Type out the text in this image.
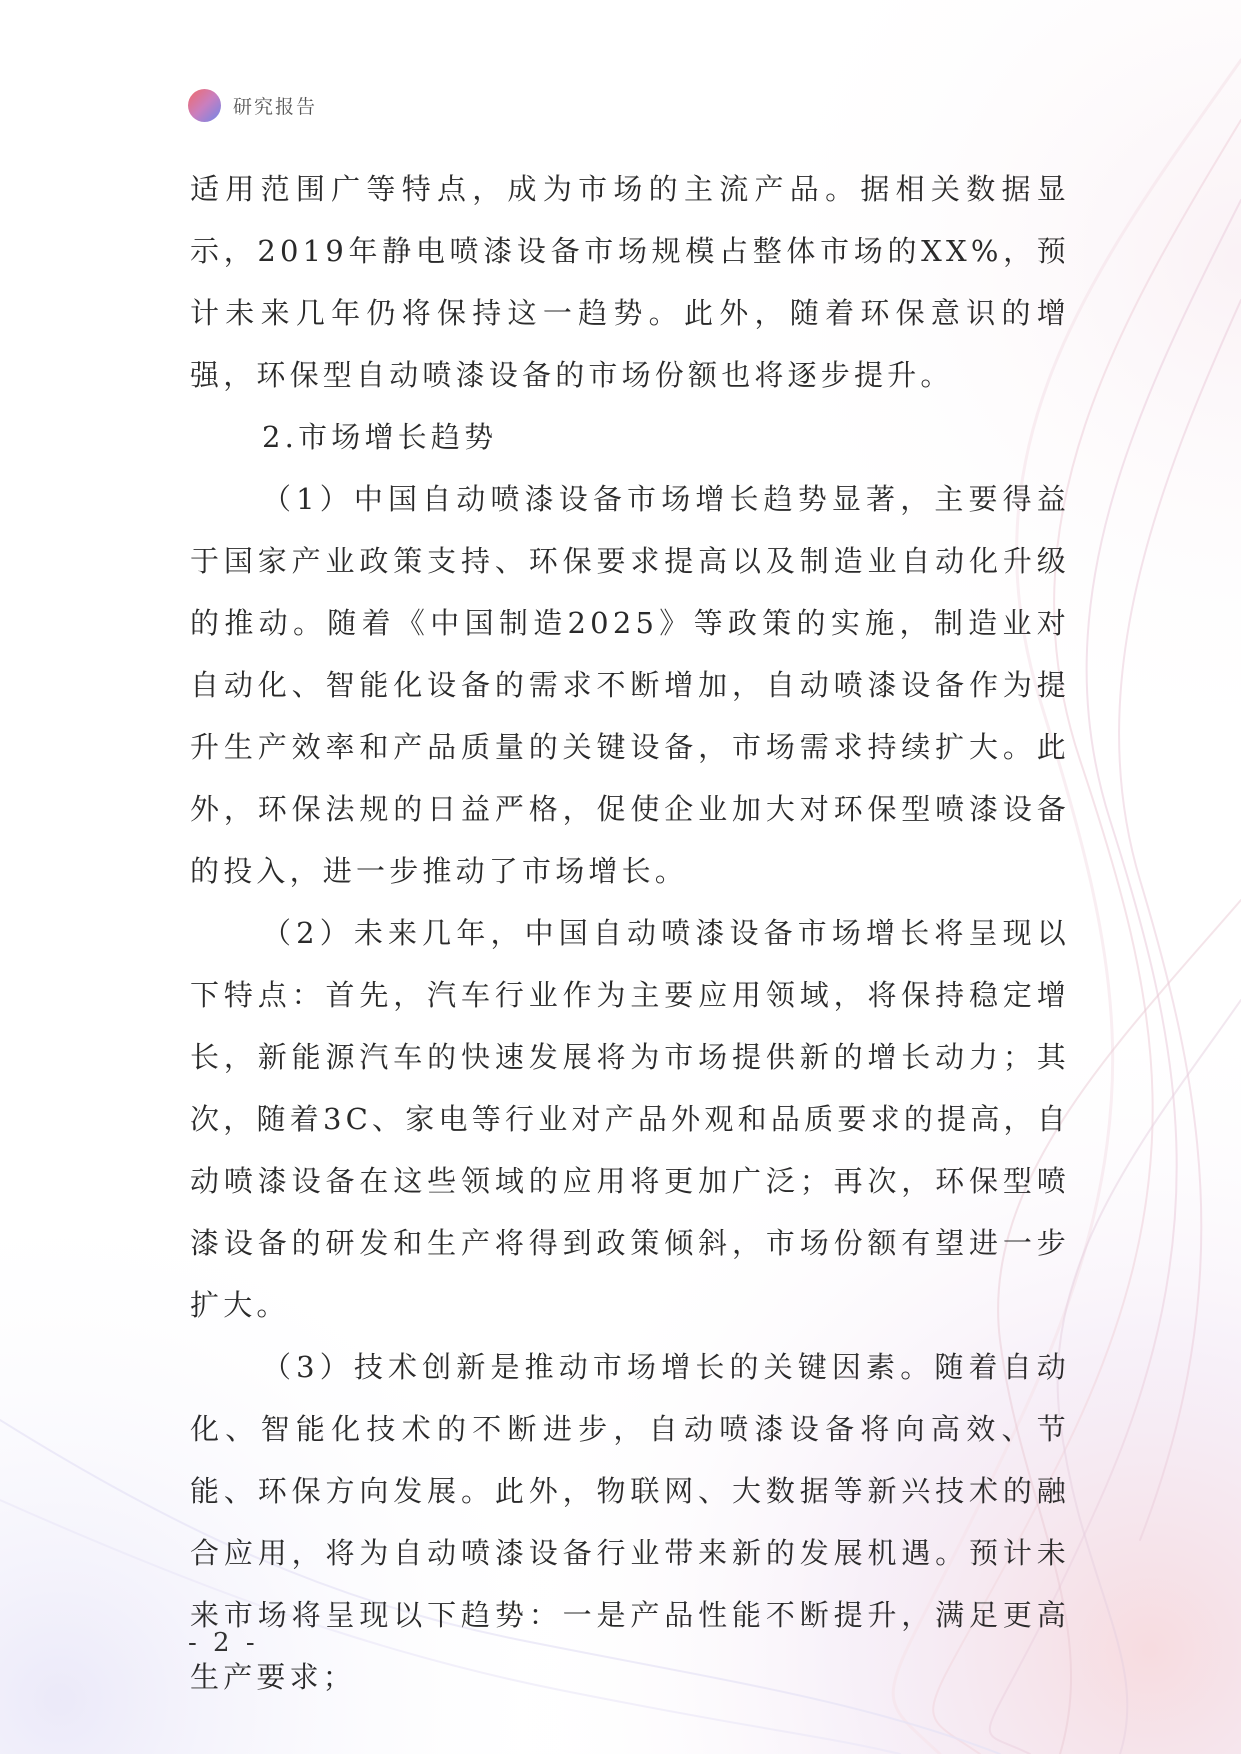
研究报告

适用范围广等特点，成为市场的主流产品。据相关数据显示，2019年静电喷漆设备市场规模占整体市场的XX%，预计未来几年仍将保持这一趋势。此外，随着环保意识的增强，环保型自动喷漆设备的市场份额也将逐步提升。

2.市场增长趋势

（1）中国自动喷漆设备市场增长趋势显著，主要得益于国家产业政策支持、环保要求提高以及制造业自动化升级的推动。随着《中国制造2025》等政策的实施，制造业对自动化、智能化设备的需求不断增加，自动喷漆设备作为提升生产效率和产品质量的关键设备，市场需求持续扩大。此外，环保法规的日益严格，促使企业加大对环保型喷漆设备的投入，进一步推动了市场增长。

（2）未来几年，中国自动喷漆设备市场增长将呈现以下特点：首先，汽车行业作为主要应用领域，将保持稳定增长，新能源汽车的快速发展将为市场提供新的增长动力；其次，随着3C、家电等行业对产品外观和品质要求的提高，自动喷漆设备在这些领域的应用将更加广泛；再次，环保型喷漆设备的研发和生产将得到政策倾斜，市场份额有望进一步扩大。

（3）技术创新是推动市场增长的关键因素。随着自动化、智能化技术的不断进步，自动喷漆设备将向高效、节能、环保方向发展。此外，物联网、大数据等新兴技术的融合应用，将为自动喷漆设备行业带来新的发展机遇。预计未来市场将呈现以下趋势：一是产品性能不断提升，满足更高生产要求；

- 2 -
